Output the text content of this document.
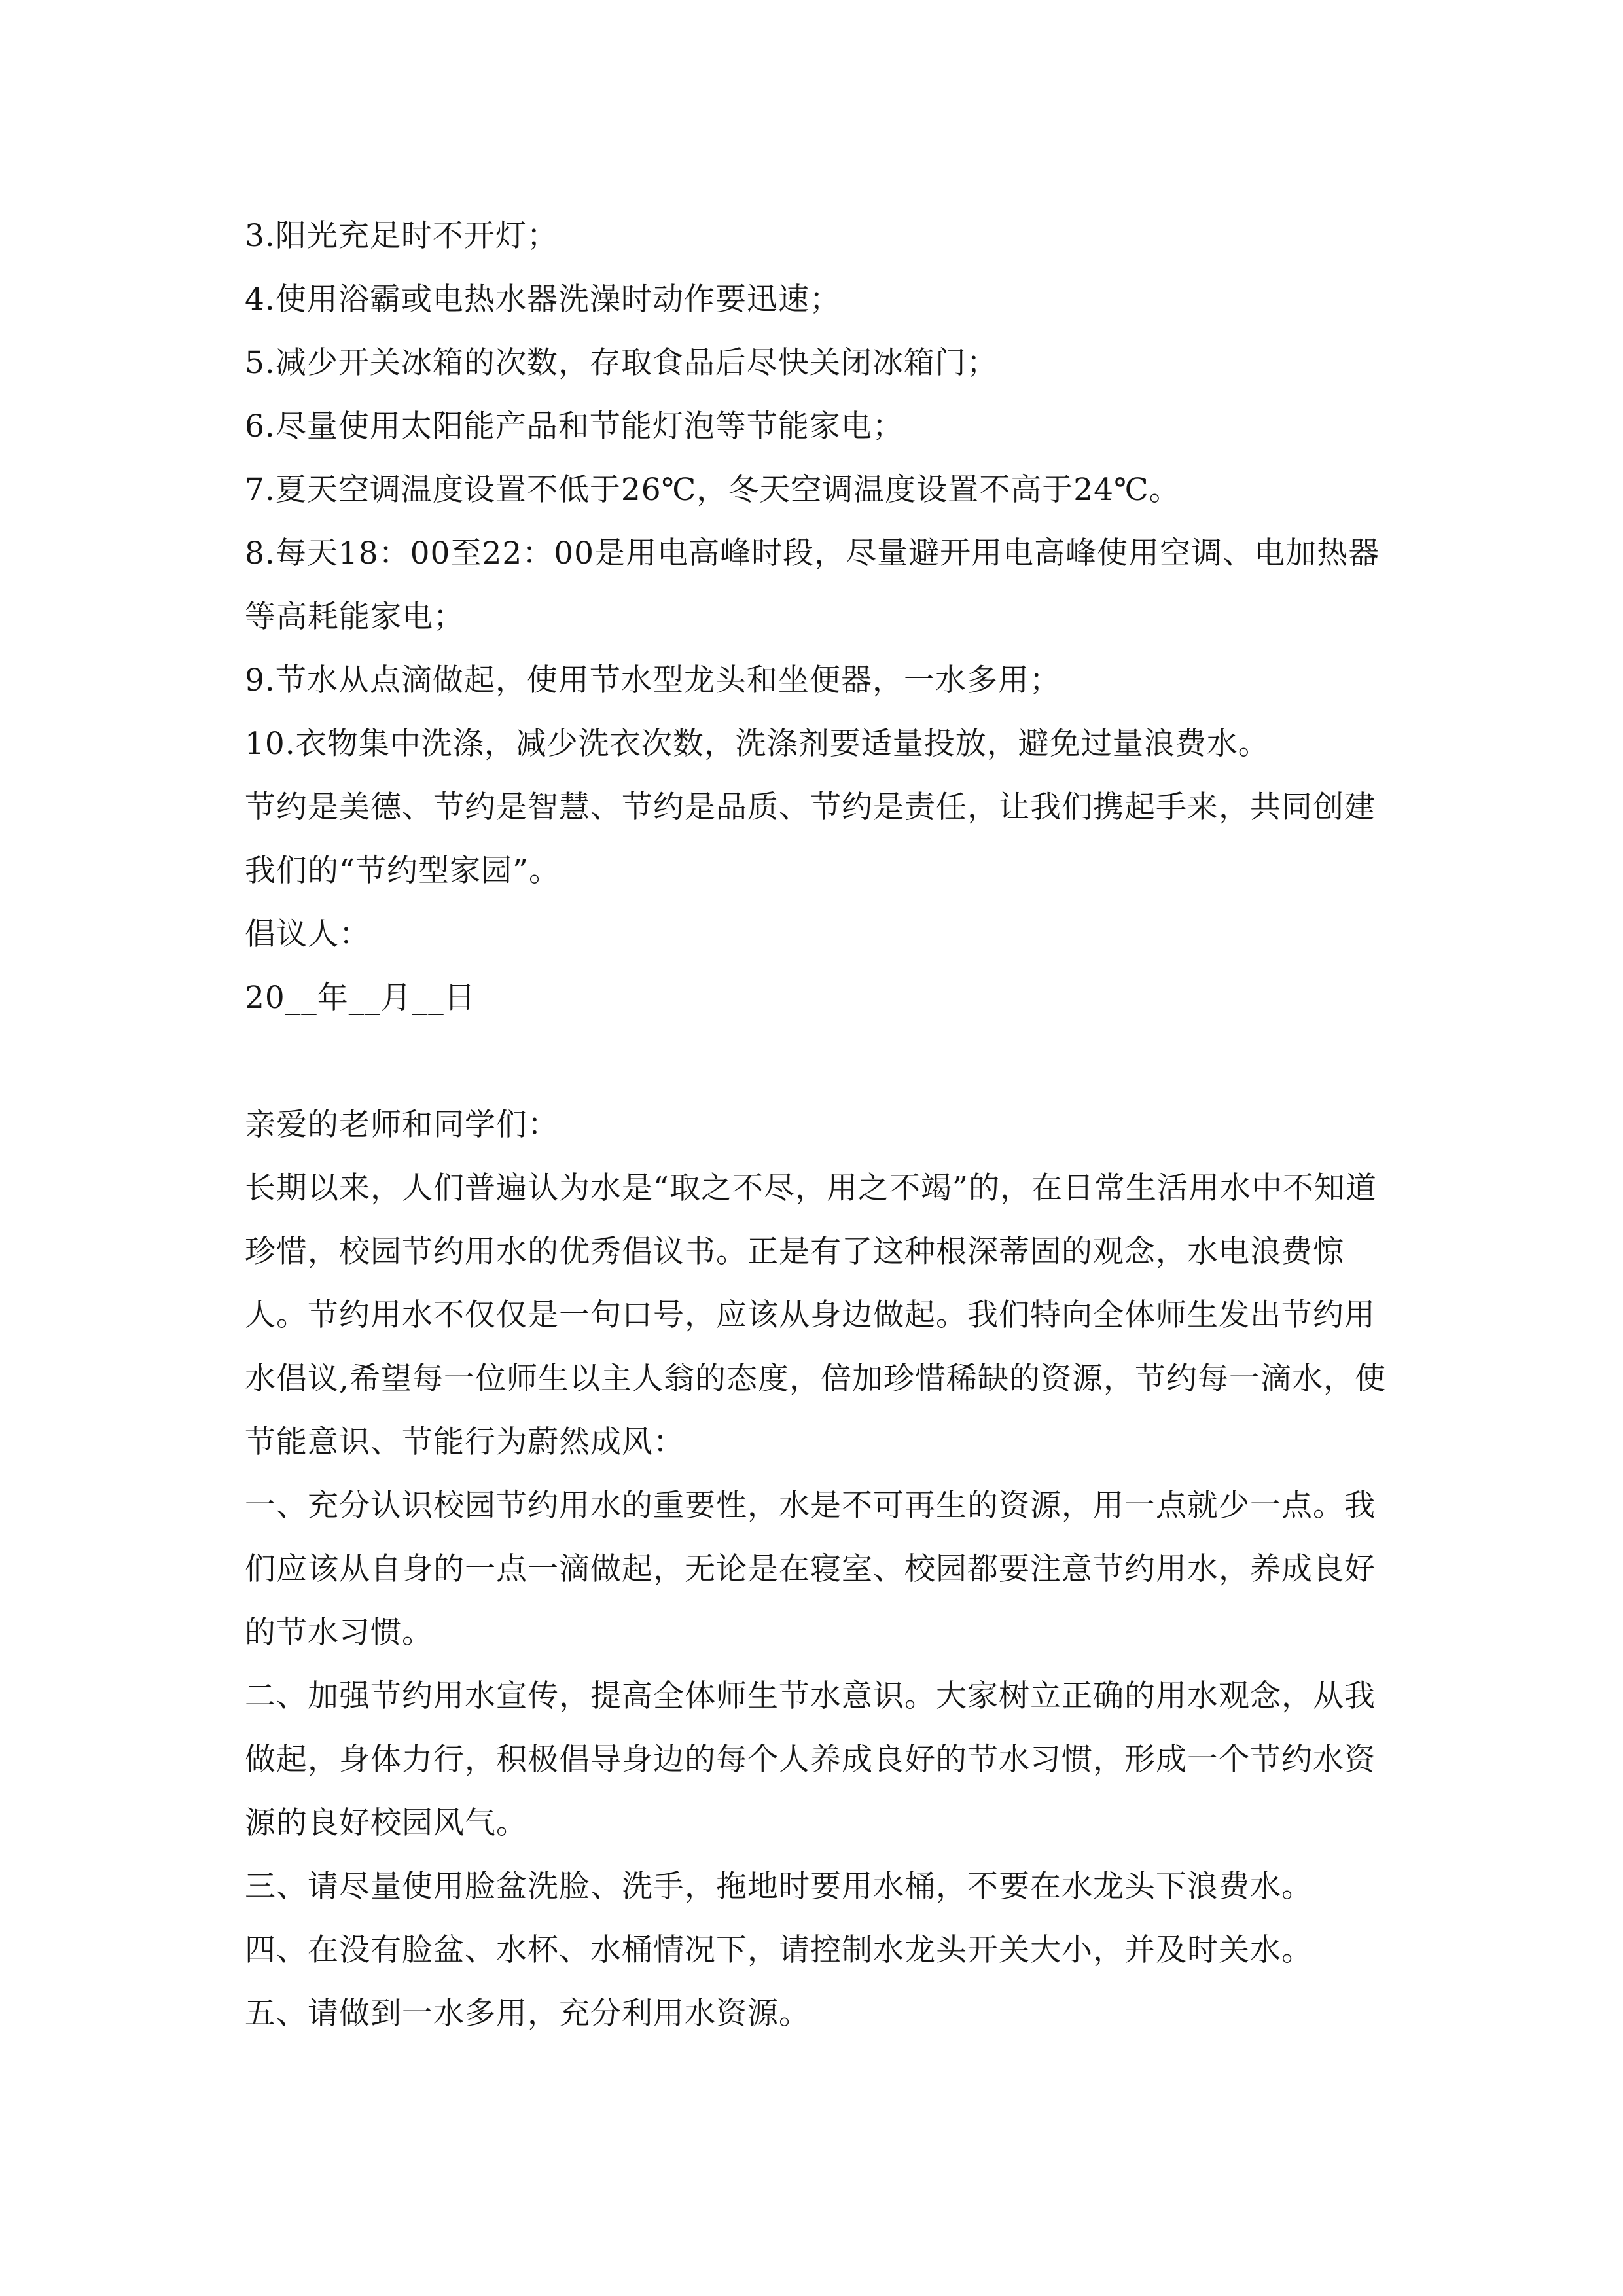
3.阳光充足时不开灯；

4.使用浴霸或电热水器洗澡时动作要迅速；

5.减少开关冰箱的次数，存取食品后尽快关闭冰箱门；

6.尽量使用太阳能产品和节能灯泡等节能家电；

7.夏天空调温度设置不低于26℃，冬天空调温度设置不高于24℃。

8.每天18：00至22：00是用电高峰时段，尽量避开用电高峰使用空调、电加热器等高耗能家电；

9.节水从点滴做起，使用节水型龙头和坐便器，一水多用；

10.衣物集中洗涤，减少洗衣次数，洗涤剂要适量投放，避免过量浪费水。

节约是美德、节约是智慧、节约是品质、节约是责任，让我们携起手来，共同创建我们的“节约型家园”。

倡议人：

20__年__月__日

亲爱的老师和同学们：

长期以来，人们普遍认为水是“取之不尽，用之不竭”的，在日常生活用水中不知道珍惜，校园节约用水的优秀倡议书。正是有了这种根深蒂固的观念，水电浪费惊人。节约用水不仅仅是一句口号，应该从身边做起。我们特向全体师生发出节约用水倡议,希望每一位师生以主人翁的态度，倍加珍惜稀缺的资源，节约每一滴水，使节能意识、节能行为蔚然成风：

一、充分认识校园节约用水的重要性，水是不可再生的资源，用一点就少一点。我们应该从自身的一点一滴做起，无论是在寝室、校园都要注意节约用水，养成良好的节水习惯。

二、加强节约用水宣传，提高全体师生节水意识。大家树立正确的用水观念，从我做起，身体力行，积极倡导身边的每个人养成良好的节水习惯，形成一个节约水资源的良好校园风气。

三、请尽量使用脸盆洗脸、洗手，拖地时要用水桶，不要在水龙头下浪费水。

四、在没有脸盆、水杯、水桶情况下，请控制水龙头开关大小，并及时关水。

五、请做到一水多用，充分利用水资源。
